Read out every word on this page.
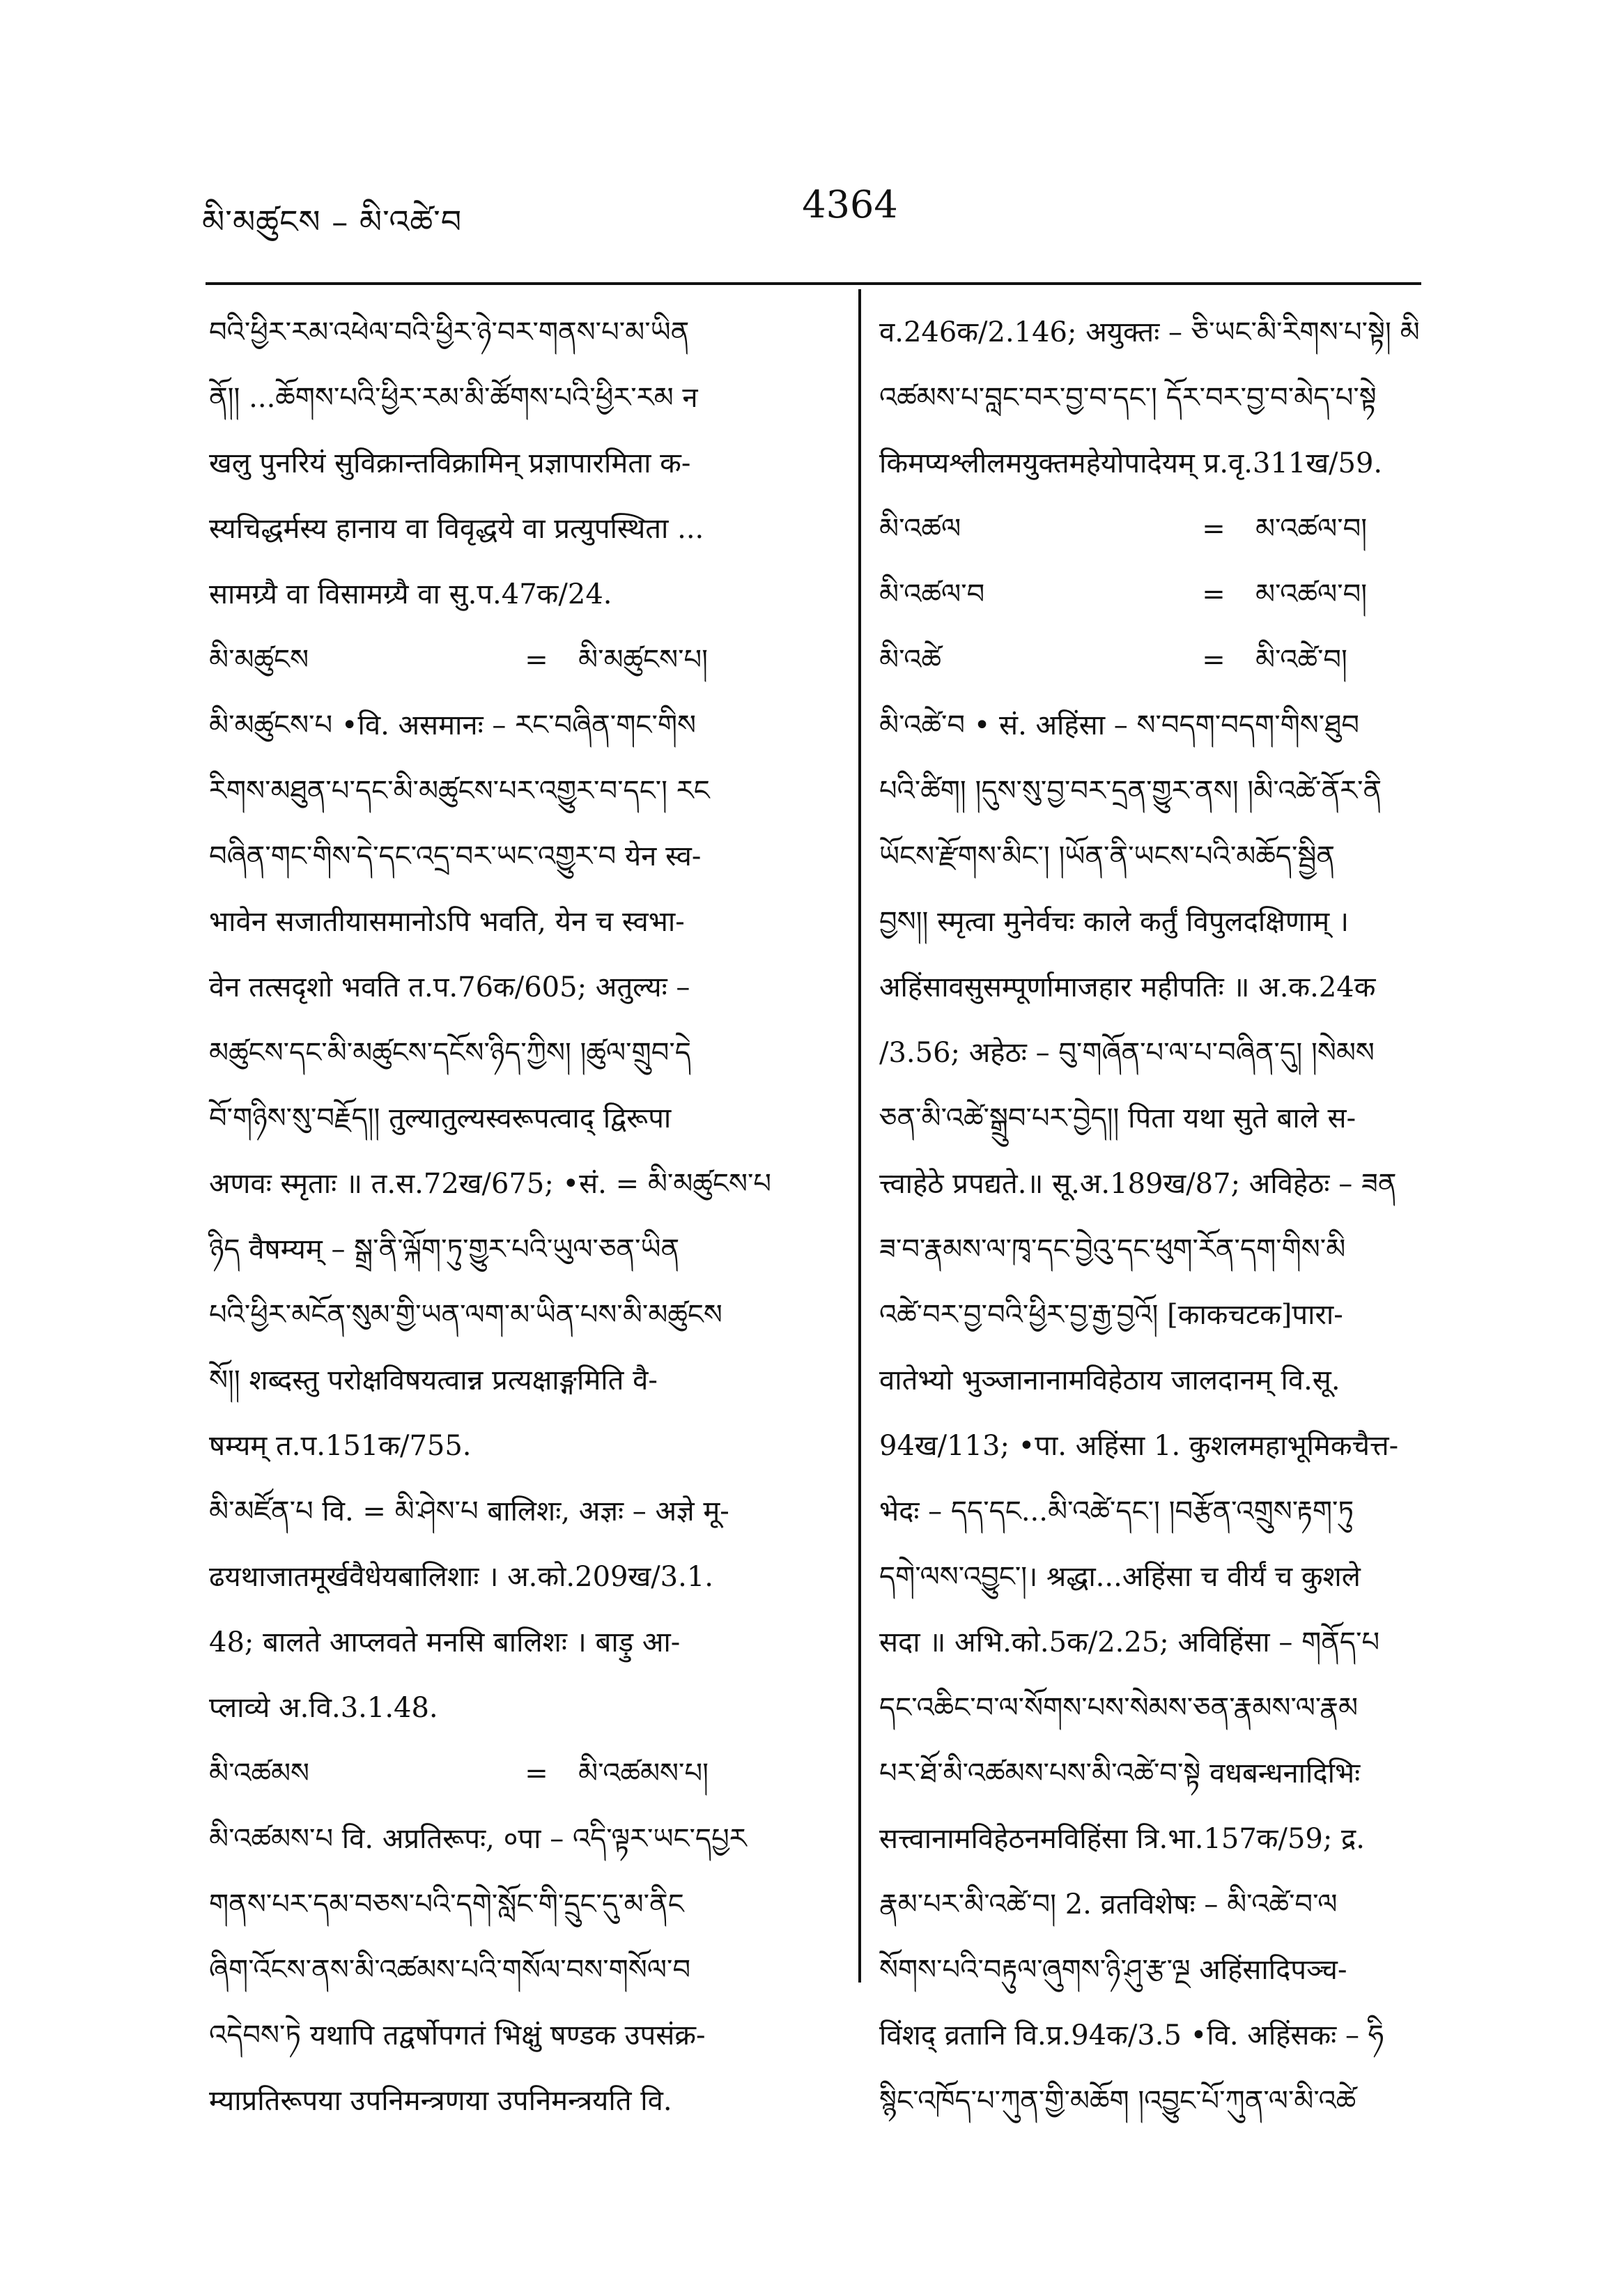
མི་མཚུངས – མི་འཚེ་བ	4364
བའི་ཕྱིར་རམ་འཕེལ་བའི་ཕྱིར་ཉེ་བར་གནས་པ་མ་ཡིན
ནོ།། ...ཆོགས་པའི་ཕྱིར་རམ་མི་ཚོགས་པའི་ཕྱིར་རམ न
खलु पुनरियं सुविक्रान्तविक्रामिन् प्रज्ञापारमिता क-
स्यचिद्धर्मस्य हानाय वा विवृद्धये वा प्रत्युपस्थिता ...
सामग्र्यै वा विसामग्र्यै वा सु.प.47क/24.
མི་མཚུངས	=	མི་མཚུངས་པ།
མི་མཚུངས་པ •वि. असमानः – རང་བཞིན་གང་གིས
རིགས་མཐུན་པ་དང་མི་མཚུངས་པར་འགྱུར་བ་དང་། རང
བཞིན་གང་གིས་དེ་དང་འདྲ་བར་ཡང་འགྱུར་བ येन स्व-
भावेन सजातीयासमानोऽपि भवति, येन च स्वभा-
वेन तत्सदृशो भवति त.प.76क/605; अतुल्यः –
མཚུངས་དང་མི་མཚུངས་དངོས་ཉིད་ཀྱིས། །ཚུལ་གྲུབ་དེ
བོ་གཉིས་སུ་བརྗོད།། तुल्यातुल्यस्वरूपत्वाद् द्विरूपा
अणवः स्मृताः ॥ त.स.72ख/675; •सं. = མི་མཚུངས་པ
ཉིད वैषम्यम् – སྒྲ་ནི་ལྐོག་ཏུ་གྱུར་པའི་ཡུལ་ཅན་ཡིན
པའི་ཕྱིར་མངོན་སུམ་གྱི་ཡན་ལག་མ་ཡིན་པས་མི་མཚུངས
སོ།། शब्दस्तु परोक्षविषयत्वान्न प्रत्यक्षाङ्गमिति वै-
षम्यम् त.प.151क/755.
མི་མཛོན་པ वि. = མི་ཤེས་པ बालिशः, अज्ञः – अज्ञे मू-
ढयथाजातमूर्खवैधेयबालिशाः । अ.को.209ख/3.1.
48; बालते आप्लवते मनसि बालिशः । बाड़ु आ-
प्लाव्ये अ.वि.3.1.48.
མི་འཚམས	=	མི་འཚམས་པ།
མི་འཚམས་པ वि. अप्रतिरूपः, ०पा – འདི་ལྟར་ཡང་དཔྱར
གནས་པར་དམ་བཅས་པའི་དགེ་སློང་གི་དྲུང་དུ་མ་ནིང
ཞིག་འོངས་ནས་མི་འཚམས་པའི་གསོལ་བས་གསོལ་བ
འདེབས་ཏེ यथापि तद्वर्षोपगतं भिक्षुं षण्डक उपसंक्र-
म्याप्रतिरूपया उपनिमन्त्रणया उपनिमन्त्रयति वि.
व.246क/2.146; अयुक्तः – ཅི་ཡང་མི་རིགས་པ་སྟེ། མི
འཚམས་པ་བླང་བར་བྱ་བ་དང་། དོར་བར་བྱ་བ་མེད་པ་སྟེ
किमप्यश्लीलमयुक्तमहेयोपादेयम् प्र.वृ.311ख/59.
མི་འཚལ	=	མ་འཚལ་བ།
མི་འཚལ་བ	=	མ་འཚལ་བ།
མི་འཚེ	=	མི་འཚེ་བ།
མི་འཚེ་བ • सं. अहिंसा – ས་བདག་བདག་གིས་ཐུབ
པའི་ཚིག། །དུས་སུ་བྱ་བར་དྲན་གྱུར་ནས། །མི་འཚེ་ནོར་ནི
ཡོངས་རྫོགས་མིང་། །ཡོན་ནི་ཡངས་པའི་མཆོད་སྦྱིན
བྱས།། स्मृत्वा मुनेर्वचः काले कर्तुं विपुलदक्षिणाम् ।
अहिंसावसुसम्पूर्णामाजहार महीपतिः ॥ अ.क.24क
/3.56; अहेठः – བུ་གཞོན་པ་ལ་པ་བཞིན་དུ། །སེམས
ཅན་མི་འཚེ་སྒྲུབ་པར་བྱེད།། पिता यथा सुते बाले स-
त्त्वाहेठे प्रपद्यते.॥ सू.अ.189ख/87; अविहेठः – ཟན
ཟ་བ་རྣམས་ལ་ཁྭ་དང་བྱེའུ་དང་ཕུག་རོན་དག་གིས་མི
འཚེ་བར་བྱ་བའི་ཕྱིར་བྱ་རྒྱ་བྱའོ། [काकचटक]पारा-
वातेभ्यो भुञ्जानानामविहेठाय जालदानम् वि.सू.
94ख/113; •पा. अहिंसा 1. कुशलमहाभूमिकचैत्त-
भेदः – དད་དང...མི་འཚེ་དང་། །བརྩོན་འགྲུས་རྟག་ཏུ
དགེ་ལས་འབྱུང་།। श्रद्धा...अहिंसा च वीर्यं च कुशले
सदा ॥ अभि.को.5क/2.25; अविहिंसा – གནོད་པ
དང་འཆིང་བ་ལ་སོགས་པས་སེམས་ཅན་རྣམས་ལ་རྣམ
པར་ཐོ་མི་འཚམས་པས་མི་འཚེ་བ་སྟེ वधबन्धनादिभिः
सत्त्वानामविहेठनमविहिंसा त्रि.भा.157क/59; द्र.
རྣམ་པར་མི་འཚེ་བ། 2. व्रतविशेषः – མི་འཚེ་བ་ལ
སོགས་པའི་བརྟུལ་ཞུགས་ཉི་ཤུ་རྩ་ལྔ अहिंसादिपञ्च-
विंशद् व्रतानि वि.प्र.94क/3.5 •वि. अहिंसकः – ཧི
སྙིང་འཁོད་པ་ཀུན་གྱི་མཆོག །འབྱུང་པོ་ཀུན་ལ་མི་འཚེ
